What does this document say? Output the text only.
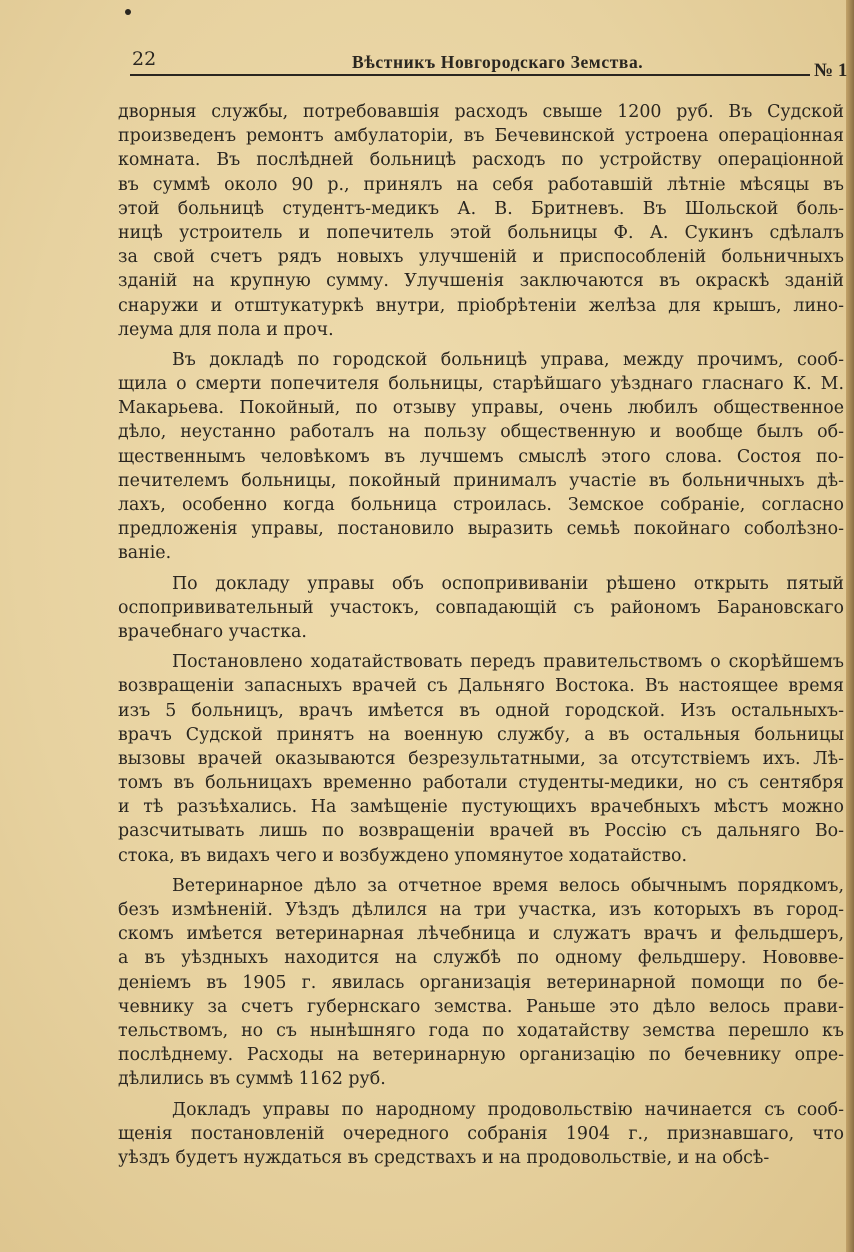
22	Вѣстникъ Новгородскаго Земства.	№ 1
дворныя службы, потребовавшія расходъ свыше 1200 руб. Въ Судской
произведенъ ремонтъ амбулаторіи, въ Бечевинской устроена операціонная
комната. Въ послѣдней больницѣ расходъ по устройству операціонной
въ суммѣ около 90 р., принялъ на себя работавшій лѣтніе мѣсяцы въ
этой больницѣ студентъ-медикъ А. В. Бритневъ. Въ Шольской боль-
ницѣ устроитель и попечитель этой больницы Ф. А. Сукинъ сдѣлалъ
за свой счетъ рядъ новыхъ улучшеній и приспособленій больничныхъ
зданій на крупную сумму. Улучшенія заключаются въ окраскѣ зданій
снаружи и отштукатуркѣ внутри, пріобрѣтеніи желѣза для крышъ, лино-
леума для пола и проч.
Въ докладѣ по городской больницѣ управа, между прочимъ, сооб-
щила о смерти попечителя больницы, старѣйшаго уѣзднаго гласнаго К. М.
Макарьева. Покойный, по отзыву управы, очень любилъ общественное
дѣло, неустанно работалъ на пользу общественную и вообще былъ об-
щественнымъ человѣкомъ въ лучшемъ смыслѣ этого слова. Состоя по-
печителемъ больницы, покойный принималъ участіе въ больничныхъ дѣ-
лахъ, особенно когда больница строилась. Земское собраніе, согласно
предложенія управы, постановило выразить семьѣ покойнаго соболѣзно-
ваніе.
По докладу управы объ оспопрививаніи рѣшено открыть пятый
оспопрививательный участокъ, совпадающій съ райономъ Барановскаго
врачебнаго участка.
Постановлено ходатайствовать передъ правительствомъ о скорѣйшемъ
возвращеніи запасныхъ врачей съ Дальняго Востока. Въ настоящее время
изъ 5 больницъ, врачъ имѣется въ одной городской. Изъ остальныхъ-
врачъ Судской принятъ на военную службу, а въ остальныя больницы
вызовы врачей оказываются безрезультатными, за отсутствіемъ ихъ. Лѣ-
томъ въ больницахъ временно работали студенты-медики, но съ сентября
и тѣ разъѣхались. На замѣщеніе пустующихъ врачебныхъ мѣстъ можно
разсчитывать лишь по возвращеніи врачей въ Россію съ дальняго Во-
стока, въ видахъ чего и возбуждено упомянутое ходатайство.
Ветеринарное дѣло за отчетное время велось обычнымъ порядкомъ,
безъ измѣненій. Уѣздъ дѣлился на три участка, изъ которыхъ въ город-
скомъ имѣется ветеринарная лѣчебница и служатъ врачъ и фельдшеръ,
а въ уѣздныхъ находится на службѣ по одному фельдшеру. Нововве-
деніемъ въ 1905 г. явилась организація ветеринарной помощи по бе-
чевнику за счетъ губернскаго земства. Раньше это дѣло велось прави-
тельствомъ, но съ нынѣшняго года по ходатайству земства перешло къ
послѣднему. Расходы на ветеринарную организацію по бечевнику опре-
дѣлились въ суммѣ 1162 руб.
Докладъ управы по народному продовольствію начинается съ сооб-
щенія постановленій очередного собранія 1904 г., признавшаго, что
уѣздъ будетъ нуждаться въ средствахъ и на продовольствіе, и на обсѣ-
